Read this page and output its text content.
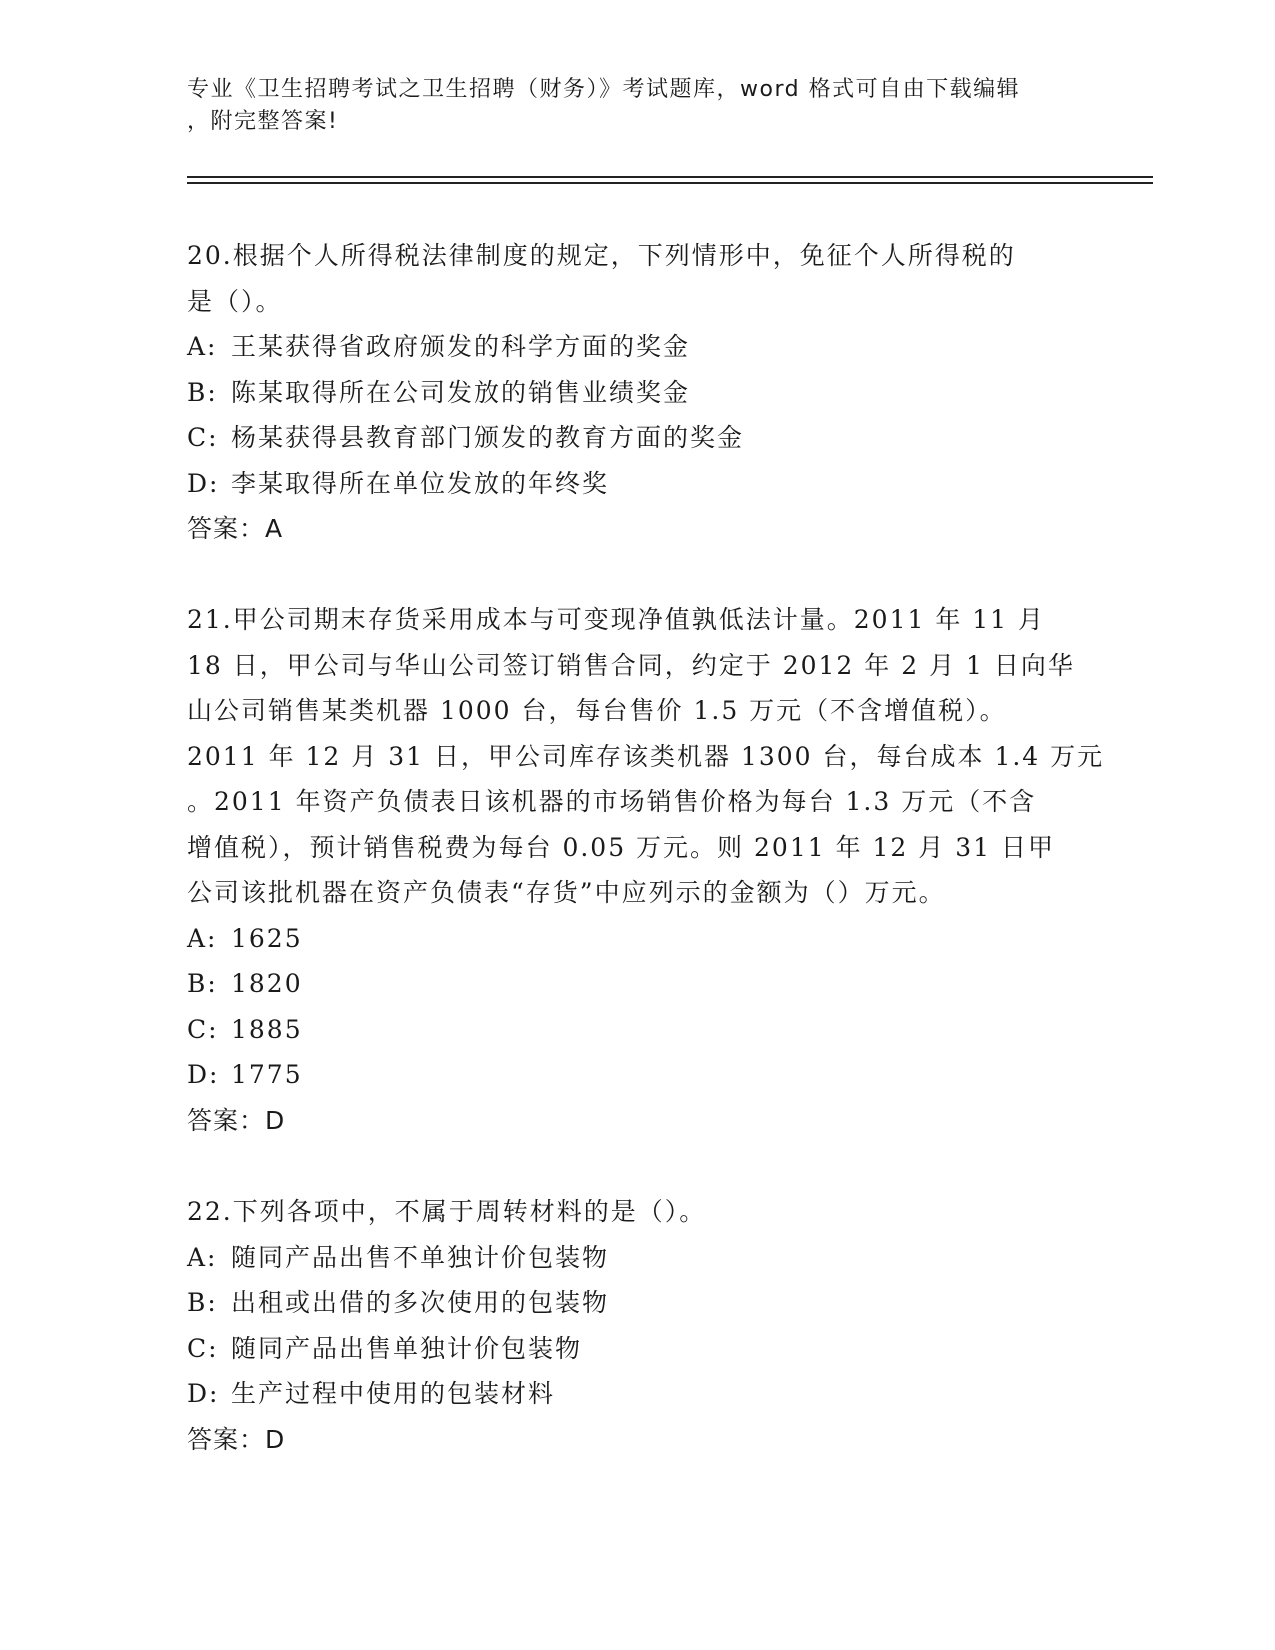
专业《卫生招聘考试之卫生招聘（财务）》考试题库，word 格式可自由下载编辑
，附完整答案!
20.根据个人所得税法律制度的规定，下列情形中，免征个人所得税的
是（）。
A: 王某获得省政府颁发的科学方面的奖金
B: 陈某取得所在公司发放的销售业绩奖金
C: 杨某获得县教育部门颁发的教育方面的奖金
D: 李某取得所在单位发放的年终奖
答案：A
21.甲公司期末存货采用成本与可变现净值孰低法计量。2011 年 11 月
18 日，甲公司与华山公司签订销售合同，约定于 2012 年 2 月 1 日向华
山公司销售某类机器 1000 台，每台售价 1.5 万元（不含增值税）。
2011 年 12 月 31 日，甲公司库存该类机器 1300 台，每台成本 1.4 万元
。2011 年资产负债表日该机器的市场销售价格为每台 1.3 万元（不含
增值税），预计销售税费为每台 0.05 万元。则 2011 年 12 月 31 日甲
公司该批机器在资产负债表“存货”中应列示的金额为（）万元。
A: 1625
B: 1820
C: 1885
D: 1775
答案：D
22.下列各项中，不属于周转材料的是（）。
A: 随同产品出售不单独计价包装物
B: 出租或出借的多次使用的包装物
C: 随同产品出售单独计价包装物
D: 生产过程中使用的包装材料
答案：D
